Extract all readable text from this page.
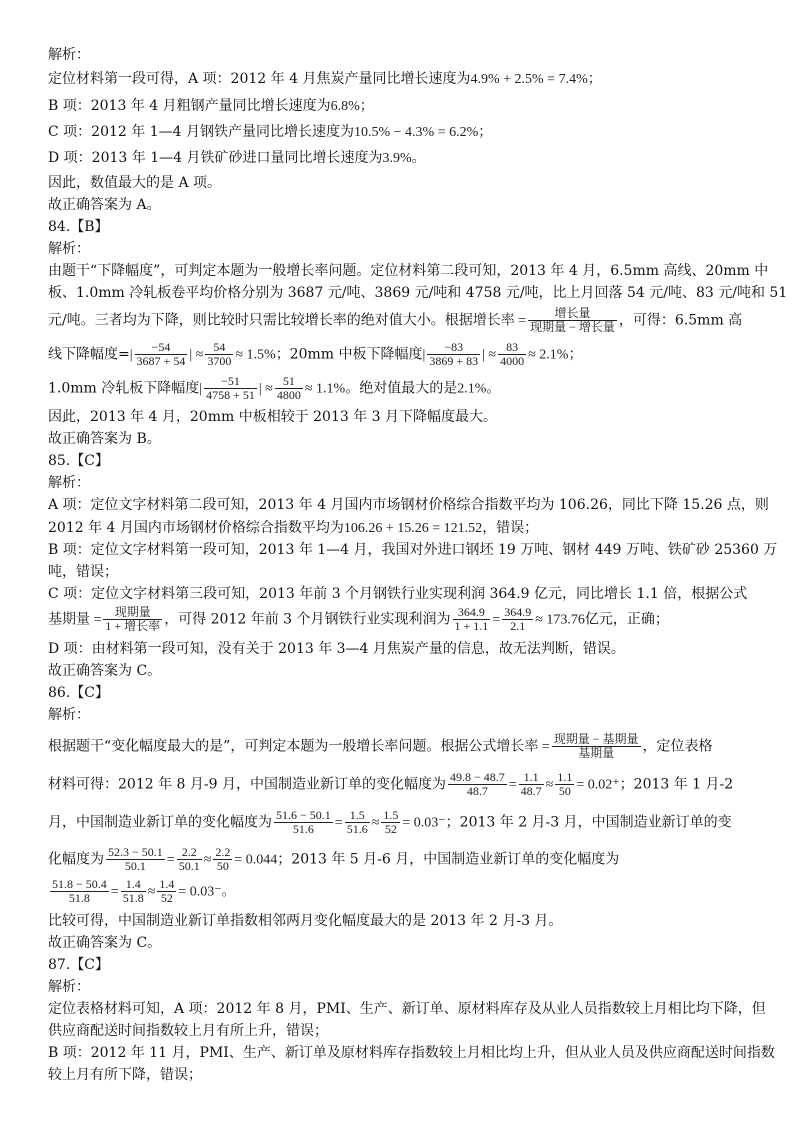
解析：
定位材料第一段可得，A 项：2012 年 4 月焦炭产量同比增长速度为4.9% + 2.5% = 7.4%；
B 项：2013 年 4 月粗钢产量同比增长速度为6.8%；
C 项：2012 年 1—4 月钢铁产量同比增长速度为10.5% − 4.3% = 6.2%；
D 项：2013 年 1—4 月铁矿砂进口量同比增长速度为3.9%。
因此，数值最大的是 A 项。
故正确答案为 A。
84.【B】
解析：
由题干“下降幅度”，可判定本题为一般增长率问题。定位材料第二段可知，2013 年 4 月，6.5mm 高线、20mm 中
板、1.0mm 冷轧板卷平均价格分别为 3687 元/吨、3869 元/吨和 4758 元/吨，比上月回落 54 元/吨、83 元/吨和 51
元/吨。三者均为下降，则比较时只需比较增长率的绝对值大小。根据增长率 = $\frac{\text{增长量}}{\text{现期量 − 增长量}}$ ，可得：6.5mm 高
线下降幅度=| $\frac{-54}{3687 + 54}$ | ≈ $\frac{54}{3700} \approx 1.5\%$；20mm 中板下降幅度| $\frac{-83}{3869 + 83}$ | ≈ $\frac{83}{4000} \approx 2.1\%$；
1.0mm 冷轧板下降幅度| $\frac{-51}{4758 + 51}$ | ≈ $\frac{51}{4800} \approx 1.1\%$。绝对值最大的是2.1%。
因此，2013 年 4 月，20mm 中板相较于 2013 年 3 月下降幅度最大。
故正确答案为 B。
85.【C】
解析：
A 项：定位文字材料第二段可知，2013 年 4 月国内市场钢材价格综合指数平均为 106.26，同比下降 15.26 点，则
2012 年 4 月国内市场钢材价格综合指数平均为106.26 + 15.26 = 121.52，错误；
B 项：定位文字材料第一段可知，2013 年 1—4 月，我国对外进口钢坯 19 万吨、钢材 449 万吨、铁矿砂 25360 万
吨，错误；
C 项：定位文字材料第三段可知，2013 年前 3 个月钢铁行业实现利润 364.9 亿元，同比增长 1.1 倍，根据公式
基期量 = $\frac{\text{现期量}}{\text{1 + 增长率}}$ ，可得 2012 年前 3 个月钢铁行业实现利润为 $\frac{364.9}{1 + 1.1} = \frac{364.9}{2.1} \approx 173.76$亿元，正确；
D 项：由材料第一段可知，没有关于 2013 年 3—4 月焦炭产量的信息，故无法判断，错误。
故正确答案为 C。
86.【C】
解析：
根据题干“变化幅度最大的是”，可判定本题为一般增长率问题。根据公式增长率 = $\frac{\text{现期量 − 基期量}}{\text{基期量}}$ ，定位表格
材料可得：2012 年 8 月-9 月，中国制造业新订单的变化幅度为 $\frac{49.8 - 48.7}{48.7} = \frac{1.1}{48.7} \approx \frac{1.1}{50} = 0.02^+$；2013 年 1 月-2
月，中国制造业新订单的变化幅度为 $\frac{51.6 - 50.1}{51.6} = \frac{1.5}{51.6} \approx \frac{1.5}{52} = 0.03^-$；2013 年 2 月-3 月，中国制造业新订单的变
化幅度为 $\frac{52.3 - 50.1}{50.1} = \frac{2.2}{50.1} \approx \frac{2.2}{50} = 0.044$；2013 年 5 月-6 月，中国制造业新订单的变化幅度为
$\frac{51.8 - 50.4}{51.8} = \frac{1.4}{51.8} \approx \frac{1.4}{52} = 0.03^-$。
比较可得，中国制造业新订单指数相邻两月变化幅度最大的是 2013 年 2 月-3 月。
故正确答案为 C。
87.【C】
解析：
定位表格材料可知，A 项：2012 年 8 月，PMI、生产、新订单、原材料库存及从业人员指数较上月相比均下降，但
供应商配送时间指数较上月有所上升，错误；
B 项：2012 年 11 月，PMI、生产、新订单及原材料库存指数较上月相比均上升，但从业人员及供应商配送时间指数
较上月有所下降，错误；
